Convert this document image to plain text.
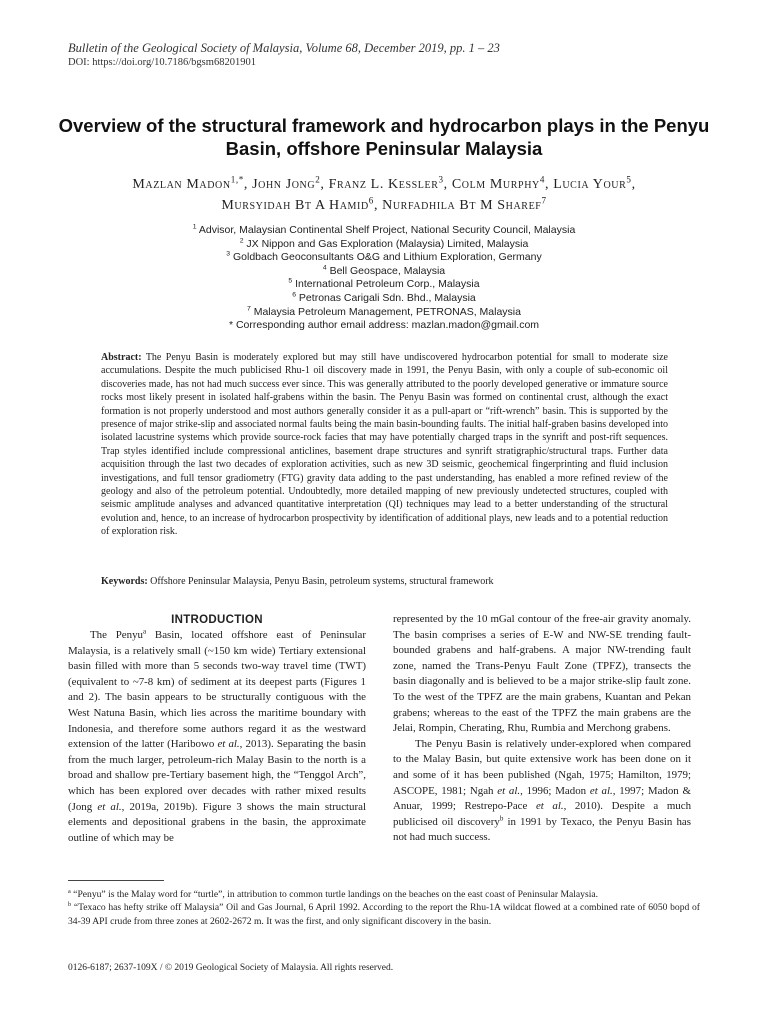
Bulletin of the Geological Society of Malaysia, Volume 68, December 2019, pp. 1 – 23
DOI: https://doi.org/10.7186/bgsm68201901
Overview of the structural framework and hydrocarbon plays in the Penyu Basin, offshore Peninsular Malaysia
Mazlan Madon$^{1,*}$, John Jong$^2$, Franz L. Kessler$^3$, Colm Murphy$^4$, Lucia Your$^5$,
Mursyidah Bt A Hamid$^6$, Nurfadhila Bt M Sharef$^7$
$^1$ Advisor, Malaysian Continental Shelf Project, National Security Council, Malaysia
$^2$ JX Nippon and Gas Exploration (Malaysia) Limited, Malaysia
$^3$ Goldbach Geoconsultants O&G and Lithium Exploration, Germany
$^4$ Bell Geospace, Malaysia
$^5$ International Petroleum Corp., Malaysia
$^6$ Petronas Carigali Sdn. Bhd., Malaysia
$^7$ Malaysia Petroleum Management, PETRONAS, Malaysia
* Corresponding author email address: mazlan.madon@gmail.com
Abstract: The Penyu Basin is moderately explored but may still have undiscovered hydrocarbon potential for small to moderate size accumulations. Despite the much publicised Rhu-1 oil discovery made in 1991, the Penyu Basin, with only a couple of sub-economic oil discoveries made, has not had much success ever since. This was generally attributed to the poorly developed generative or immature source rocks most likely present in isolated half-grabens within the basin. The Penyu Basin was formed on continental crust, although the exact formation is not properly understood and most authors generally consider it as a pull-apart or “rift-wrench” basin. This is supported by the presence of major strike-slip and associated normal faults being the main basin-bounding faults. The initial half-graben basins developed into isolated lacustrine systems which provide source-rock facies that may have potentially charged traps in the synrift and post-rift sequences. Trap styles identified include compressional anticlines, basement drape structures and synrift stratigraphic/structural traps. Further data acquisition through the last two decades of exploration activities, such as new 3D seismic, geochemical fingerprinting and fluid inclusion investigations, and full tensor gradiometry (FTG) gravity data adding to the past understanding, has enabled a more refined review of the geology and also of the petroleum potential. Undoubtedly, more detailed mapping of new previously undetected structures, coupled with seismic amplitude analyses and advanced quantitative interpretation (QI) techniques may lead to a better understanding of the structural evolution and, hence, to an increase of hydrocarbon prospectivity by identification of additional plays, new leads and to a potential reduction of exploration risk.
Keywords: Offshore Peninsular Malaysia, Penyu Basin, petroleum systems, structural framework
INTRODUCTION

The Penyu$^a$ Basin, located offshore east of Peninsular Malaysia, is a relatively small (~150 km wide) Tertiary extensional basin filled with more than 5 seconds two-way travel time (TWT) (equivalent to ~7-8 km) of sediment at its deepest parts (Figures 1 and 2). The basin appears to be structurally contiguous with the West Natuna Basin, which lies across the maritime boundary with Indonesia, and therefore some authors regard it as the westward extension of the latter (Haribowo et al., 2013). Separating the basin from the much larger, petroleum-rich Malay Basin to the north is a broad and shallow pre-Tertiary basement high, the “Tenggol Arch”, which has been explored over decades with rather mixed results (Jong et al., 2019a, 2019b). Figure 3 shows the main structural elements and depositional grabens in the basin, the approximate outline of which may be

represented by the 10 mGal contour of the free-air gravity anomaly. The basin comprises a series of E-W and NW-SE trending fault-bounded grabens and half-grabens. A major NW-trending fault zone, named the Trans-Penyu Fault Zone (TPFZ), transects the basin diagonally and is believed to be a major strike-slip fault zone. To the west of the TPFZ are the main grabens, Kuantan and Pekan grabens; whereas to the east of the TPFZ the main grabens are the Jelai, Rompin, Cherating, Rhu, Rumbia and Merchong grabens.

The Penyu Basin is relatively under-explored when compared to the Malay Basin, but quite extensive work has been done on it and some of it has been published (Ngah, 1975; Hamilton, 1979; ASCOPE, 1981; Ngah et al., 1996; Madon et al., 1997; Madon & Anuar, 1999; Restrepo-Pace et al., 2010). Despite a much publicised oil discovery$^b$ in 1991 by Texaco, the Penyu Basin has not had much success.

$^a$ “Penyu” is the Malay word for “turtle”, in attribution to common turtle landings on the beaches on the east coast of Peninsular Malaysia.

$^b$ “Texaco has hefty strike off Malaysia” Oil and Gas Journal, 6 April 1992. According to the report the Rhu-1A wildcat flowed at a combined rate of 6050 bopd of 34-39 API crude from three zones at 2602-2672 m. It was the first, and only significant discovery in the basin.

0126-6187; 2637-109X / © 2019 Geological Society of Malaysia. All rights reserved.
